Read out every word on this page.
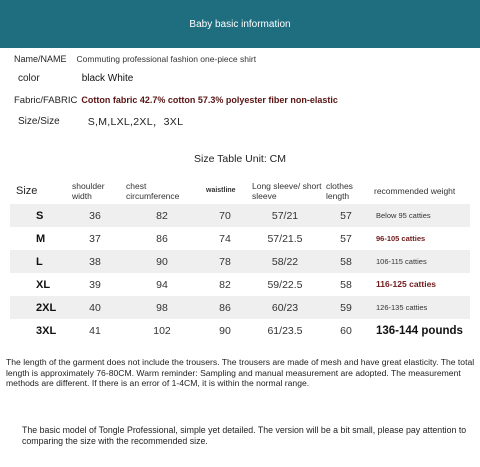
Baby basic information
Name/NAME Commuting professional fashion one-piece shirt
color	black White
Fabric/FABRIC Cotton fabric 42.7% cotton 57.3% polyester fiber non-elastic
Size/Size	S,M,LXL,2XL，3XL
Size Table Unit: CM
Size	shoulder width	chest circumference	waistline	Long sleeve/ short sleeve	clothes length	recommended weight
S	36	82	70	57/21	57	Below 95 catties
M	37	86	74	57/21.5	57	96-105 catties
L	38	90	78	58/22	58	106-115 catties
XL	39	94	82	59/22.5	58	116-125 catties
2XL	40	98	86	60/23	59	126-135 catties
3XL	41	102	90	61/23.5	60	136-144 pounds

The length of the garment does not include the trousers. The trousers are made of mesh and have great elasticity. The total length is approximately 76-80CM. Warm reminder: Sampling and manual measurement are adopted. The measurement methods are different. If there is an error of 1-4CM, it is within the normal range.

The basic model of Tongle Professional, simple yet detailed. The version will be a bit small, please pay attention to comparing the size with the recommended size.
